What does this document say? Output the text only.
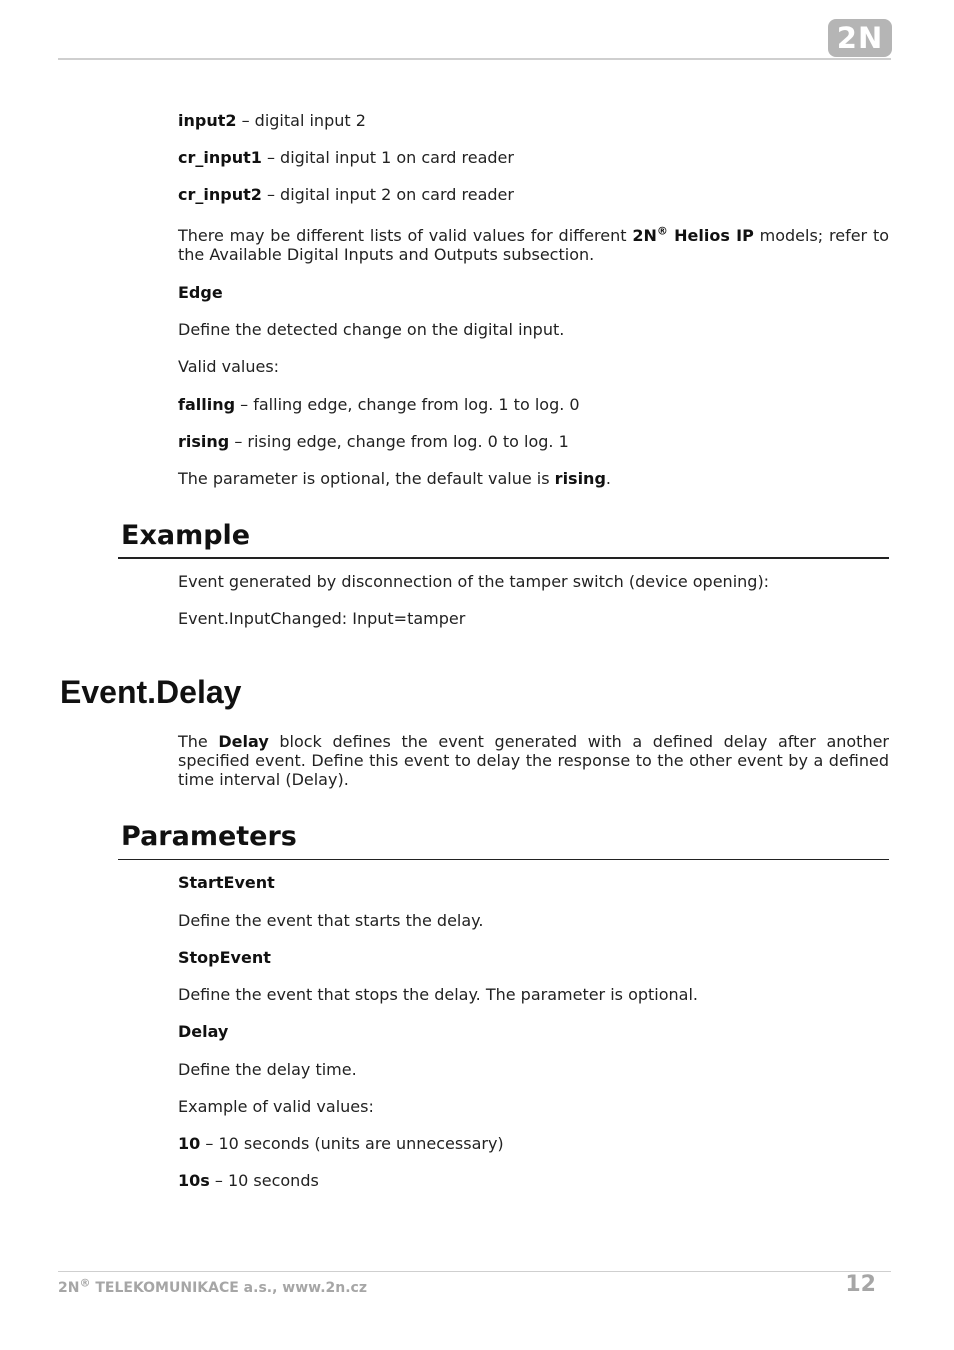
2N

input2 – digital input 2

cr_input1 – digital input 1 on card reader

cr_input2 – digital input 2 on card reader

There may be different lists of valid values for different 2N® Helios IP models; refer to the Available Digital Inputs and Outputs subsection.

Edge

Define the detected change on the digital input.

Valid values:

falling – falling edge, change from log. 1 to log. 0

rising – rising edge, change from log. 0 to log. 1

The parameter is optional, the default value is rising.

Example

Event generated by disconnection of the tamper switch (device opening):

Event.InputChanged: Input=tamper

Event.Delay

The Delay block defines the event generated with a defined delay after another specified event. Define this event to delay the response to the other event by a defined time interval (Delay).

Parameters

StartEvent

Define the event that starts the delay.

StopEvent

Define the event that stops the delay. The parameter is optional.

Delay

Define the delay time.

Example of valid values:

10 – 10 seconds (units are unnecessary)

10s – 10 seconds

2N® TELEKOMUNIKACE a.s., www.2n.cz	12
